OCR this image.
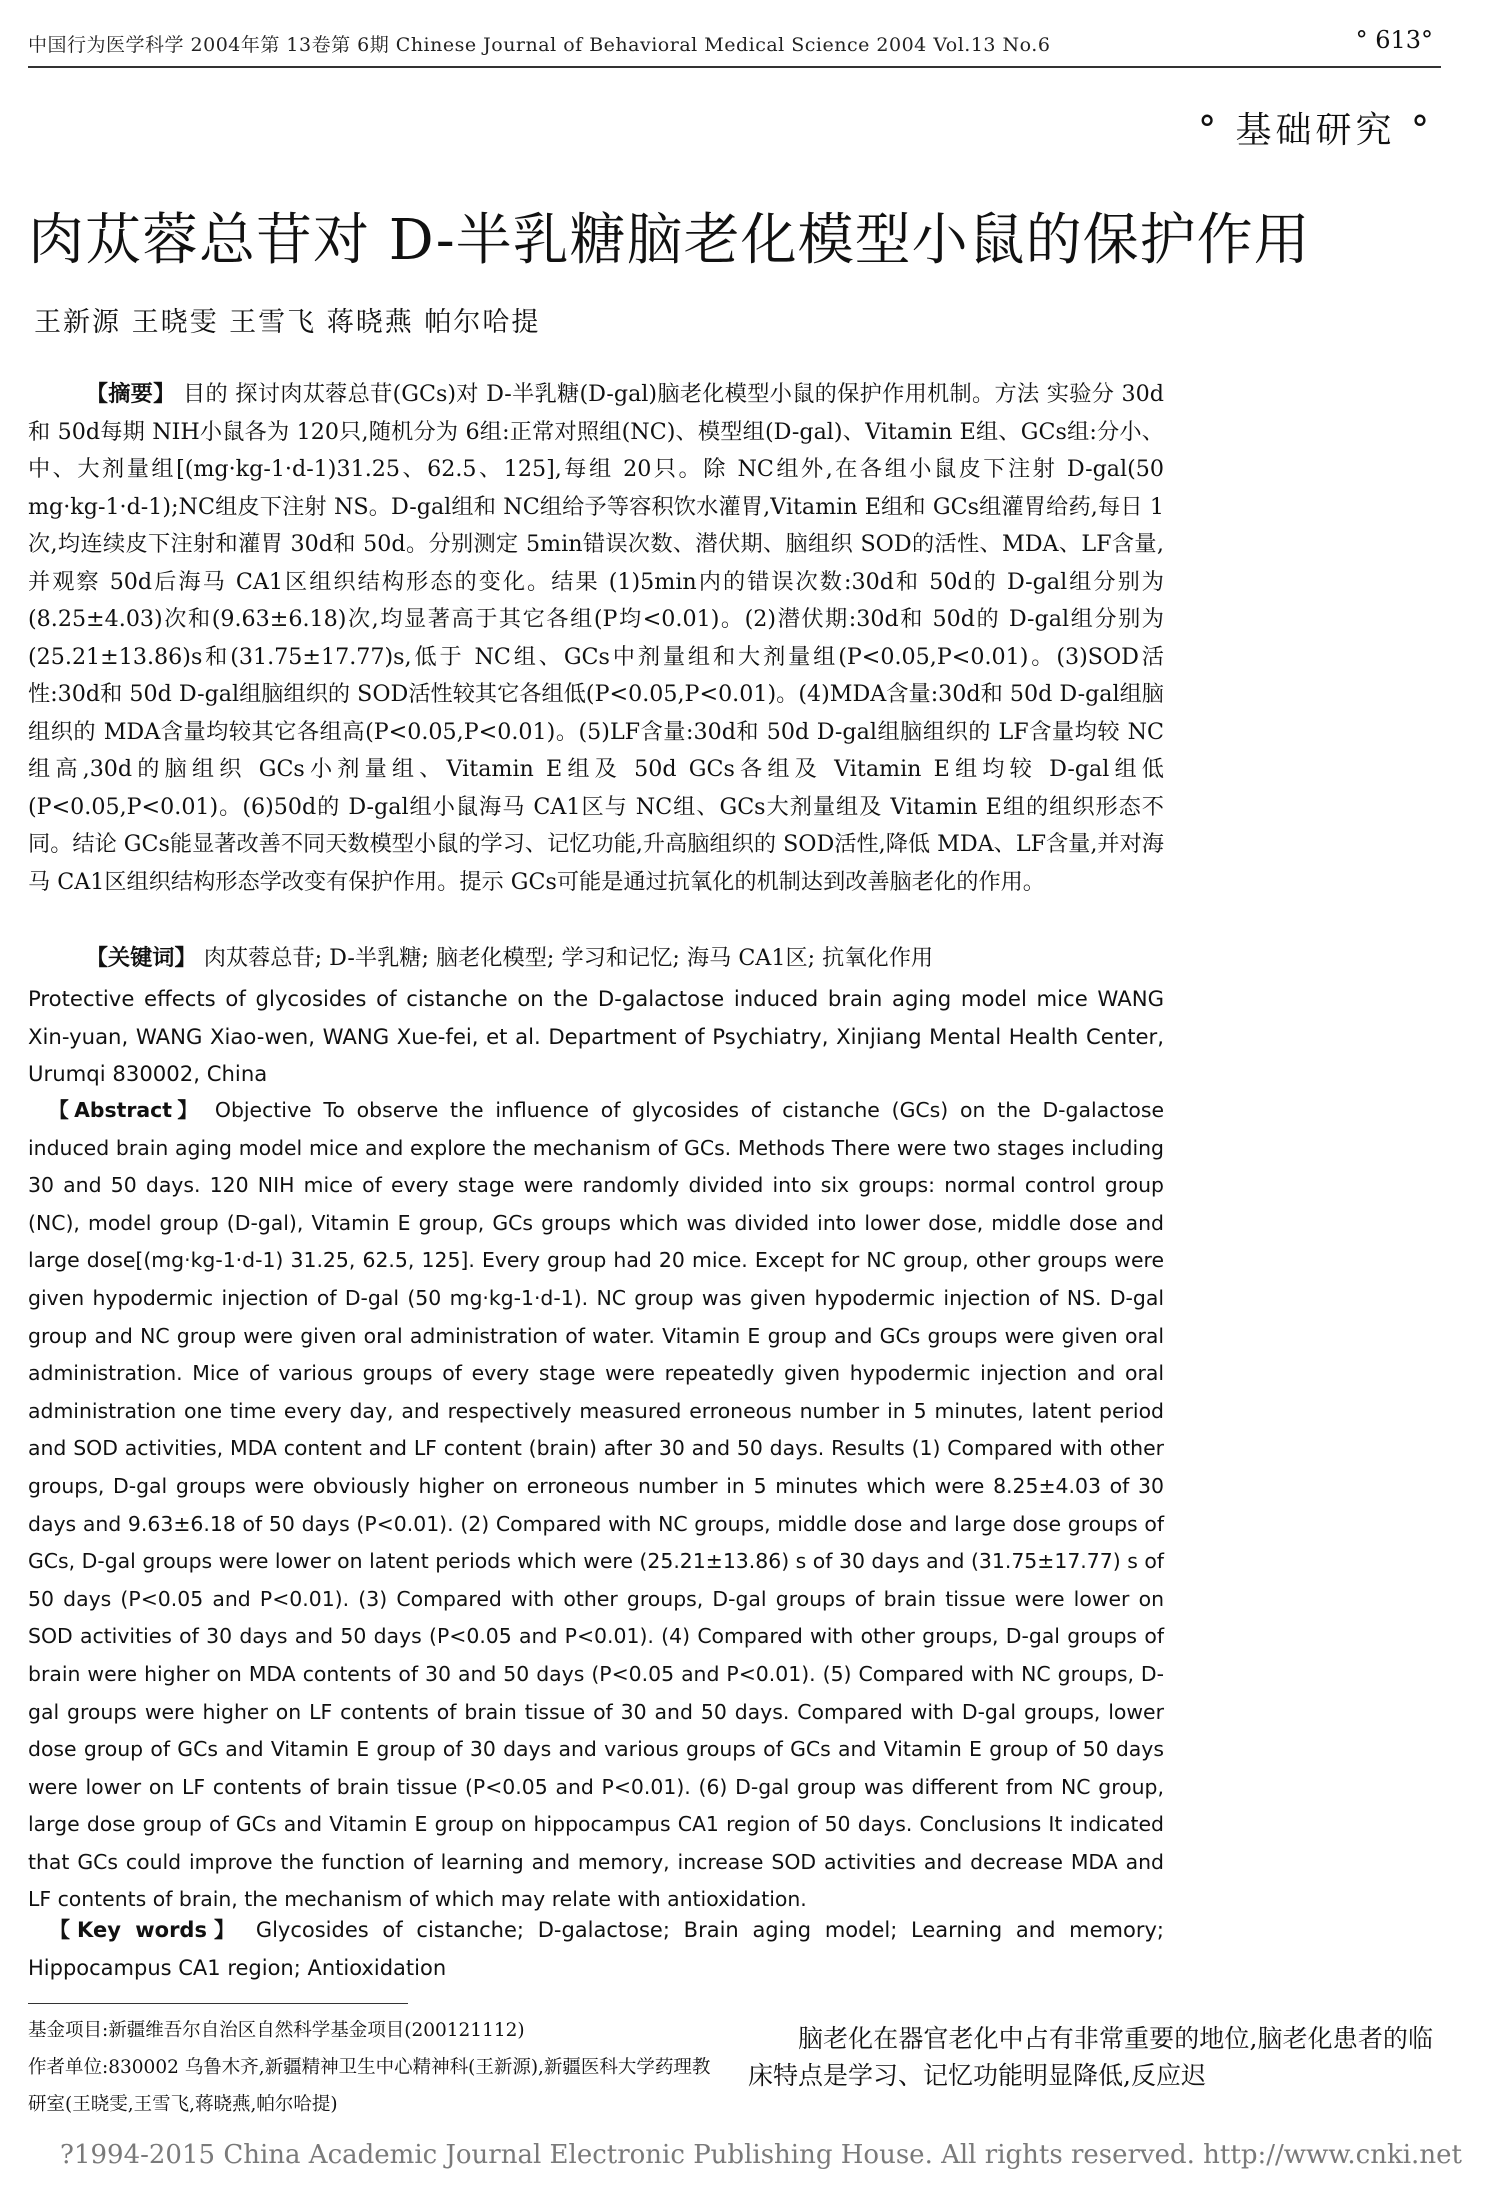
中国行为医学科学 2004年第 13卷第 6期 Chinese Journal of Behavioral Medical Science 2004 Vol.13 No.6	° 613°
° 基础研究 °
肉苁蓉总苷对 D-半乳糖脑老化模型小鼠的保护作用
王新源 王晓雯 王雪飞 蒋晓燕 帕尔哈提
【摘要】 目的 探讨肉苁蓉总苷(GCs)对 D-半乳糖(D-gal)脑老化模型小鼠的保护作用机制。方法 实验分 30d和 50d每期 NIH小鼠各为 120只,随机分为 6组:正常对照组(NC)、模型组(D-gal)、Vitamin E组、GCs组:分小、中、大剂量组[(mg·kg-1·d-1)31.25、62.5、125],每组 20只。除 NC组外,在各组小鼠皮下注射 D-gal(50 mg·kg-1·d-1);NC组皮下注射 NS。D-gal组和 NC组给予等容积饮水灌胃,Vitamin E组和 GCs组灌胃给药,每日 1次,均连续皮下注射和灌胃 30d和 50d。分别测定 5min错误次数、潜伏期、脑组织 SOD的活性、MDA、LF含量,并观察 50d后海马 CA1区组织结构形态的变化。结果 (1)5min内的错误次数:30d和 50d的 D-gal组分别为(8.25±4.03)次和(9.63±6.18)次,均显著高于其它各组(P均<0.01)。(2)潜伏期:30d和 50d的 D-gal组分别为(25.21±13.86)s和(31.75±17.77)s,低于 NC组、GCs中剂量组和大剂量组(P<0.05,P<0.01)。(3)SOD活性:30d和 50d D-gal组脑组织的 SOD活性较其它各组低(P<0.05,P<0.01)。(4)MDA含量:30d和 50d D-gal组脑组织的 MDA含量均较其它各组高(P<0.05,P<0.01)。(5)LF含量:30d和 50d D-gal组脑组织的 LF含量均较 NC组高,30d的脑组织 GCs小剂量组、Vitamin E组及 50d GCs各组及 Vitamin E组均较 D-gal组低(P<0.05,P<0.01)。(6)50d的 D-gal组小鼠海马 CA1区与 NC组、GCs大剂量组及 Vitamin E组的组织形态不同。结论 GCs能显著改善不同天数模型小鼠的学习、记忆功能,升高脑组织的 SOD活性,降低 MDA、LF含量,并对海马 CA1区组织结构形态学改变有保护作用。提示 GCs可能是通过抗氧化的机制达到改善脑老化的作用。
【关键词】 肉苁蓉总苷; D-半乳糖; 脑老化模型; 学习和记忆; 海马 CA1区; 抗氧化作用
Protective effects of glycosides of cistanche on the D-galactose induced brain aging model mice WANG Xin-yuan, WANG Xiao-wen, WANG Xue-fei, et al. Department of Psychiatry, Xinjiang Mental Health Center, Urumqi 830002, China
【Abstract】 Objective To observe the influence of glycosides of cistanche (GCs) on the D-galactose induced brain aging model mice and explore the mechanism of GCs. Methods There were two stages including 30 and 50 days. 120 NIH mice of every stage were randomly divided into six groups: normal control group (NC), model group (D-gal), Vitamin E group, GCs groups which was divided into lower dose, middle dose and large dose[(mg·kg-1·d-1) 31.25, 62.5, 125]. Every group had 20 mice. Except for NC group, other groups were given hypodermic injection of D-gal (50 mg·kg-1·d-1). NC group was given hypodermic injection of NS. D-gal group and NC group were given oral administration of water. Vitamin E group and GCs groups were given oral administration. Mice of various groups of every stage were repeatedly given hypodermic injection and oral administration one time every day, and respectively measured erroneous number in 5 minutes, latent period and SOD activities, MDA content and LF content (brain) after 30 and 50 days. Results (1) Compared with other groups, D-gal groups were obviously higher on erroneous number in 5 minutes which were 8.25±4.03 of 30 days and 9.63±6.18 of 50 days (P<0.01). (2) Compared with NC groups, middle dose and large dose groups of GCs, D-gal groups were lower on latent periods which were (25.21±13.86) s of 30 days and (31.75±17.77) s of 50 days (P<0.05 and P<0.01). (3) Compared with other groups, D-gal groups of brain tissue were lower on SOD activities of 30 days and 50 days (P<0.05 and P<0.01). (4) Compared with other groups, D-gal groups of brain were higher on MDA contents of 30 and 50 days (P<0.05 and P<0.01). (5) Compared with NC groups, D-gal groups were higher on LF contents of brain tissue of 30 and 50 days. Compared with D-gal groups, lower dose group of GCs and Vitamin E group of 30 days and various groups of GCs and Vitamin E group of 50 days were lower on LF contents of brain tissue (P<0.05 and P<0.01). (6) D-gal group was different from NC group, large dose group of GCs and Vitamin E group on hippocampus CA1 region of 50 days. Conclusions It indicated that GCs could improve the function of learning and memory, increase SOD activities and decrease MDA and LF contents of brain, the mechanism of which may relate with antioxidation.
【Key words】 Glycosides of cistanche; D-galactose; Brain aging model; Learning and memory; Hippocampus CA1 region; Antioxidation
基金项目:新疆维吾尔自治区自然科学基金项目(200121112)
作者单位:830002 乌鲁木齐,新疆精神卫生中心精神科(王新源),新疆医科大学药理教研室(王晓雯,王雪飞,蒋晓燕,帕尔哈提)
脑老化在器官老化中占有非常重要的地位,脑老化患者的临床特点是学习、记忆功能明显降低,反应迟
?1994-2015 China Academic Journal Electronic Publishing House. All rights reserved. http://www.cnki.net
